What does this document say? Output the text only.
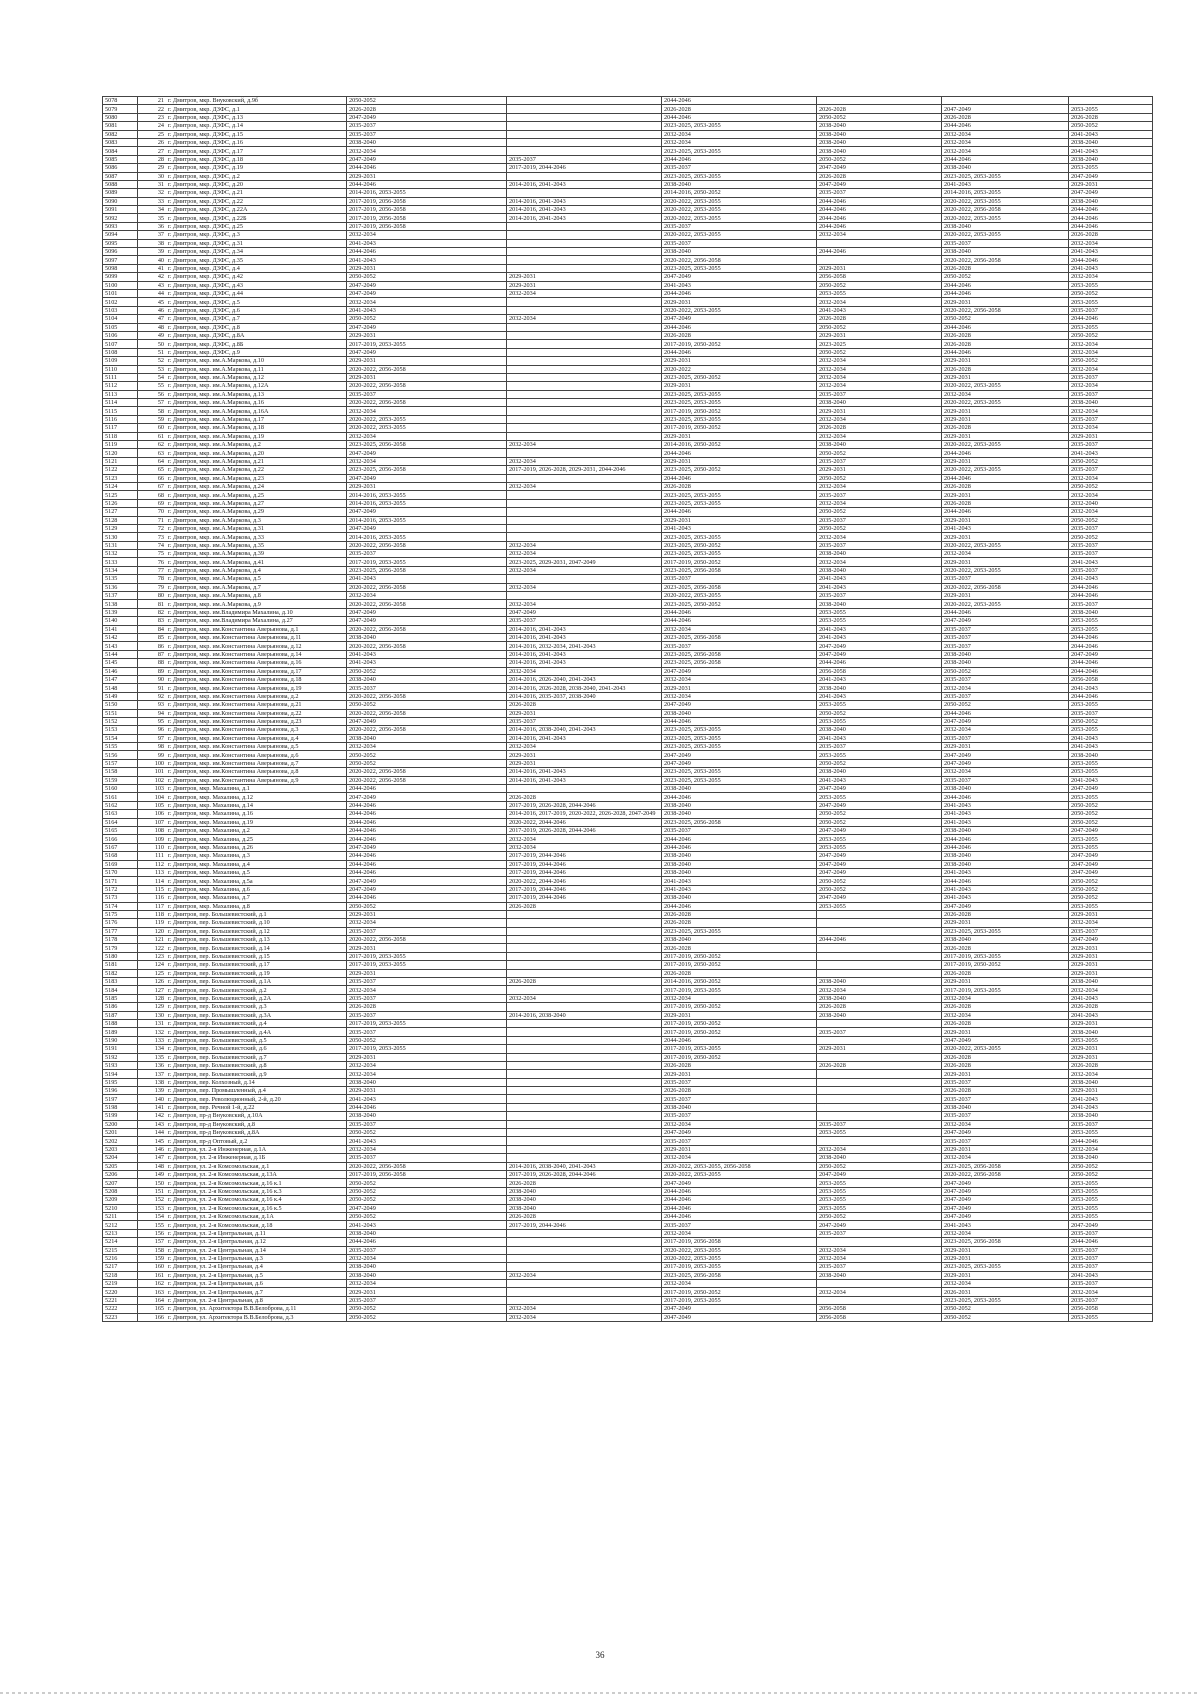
5078	21	г. Дмитров, мкр. Внуковский, д.9б	2050-2052		2044-2046			
5079	22	г. Дмитров, мкр. ДЗФС, д.1	2026-2028		2026-2028	2026-2028	2047-2049	2053-2055
5080	23	г. Дмитров, мкр. ДЗФС, д.13	2047-2049		2044-2046	2050-2052	2026-2028	2026-2028
5081	24	г. Дмитров, мкр. ДЗФС, д.14	2035-2037		2023-2025, 2053-2055	2038-2040	2044-2046	2050-2052
5082	25	г. Дмитров, мкр. ДЗФС, д.15	2035-2037		2032-2034	2038-2040	2032-2034	2041-2043
5083	26	г. Дмитров, мкр. ДЗФС, д.16	2038-2040		2032-2034	2038-2040	2032-2034	2038-2040
5084	27	г. Дмитров, мкр. ДЗФС, д.17	2032-2034		2023-2025, 2053-2055	2038-2040	2032-2034	2041-2043
5085	28	г. Дмитров, мкр. ДЗФС, д.18	2047-2049	2035-2037	2044-2046	2050-2052	2044-2046	2038-2040
5086	29	г. Дмитров, мкр. ДЗФС, д.19	2044-2046	2017-2019, 2044-2046	2035-2037	2047-2049	2038-2040	2053-2055
5087	30	г. Дмитров, мкр. ДЗФС, д.2	2029-2031		2023-2025, 2053-2055	2026-2028	2023-2025, 2053-2055	2047-2049
5088	31	г. Дмитров, мкр. ДЗФС, д.20	2044-2046	2014-2016, 2041-2043	2038-2040	2047-2049	2041-2043	2029-2031
5089	32	г. Дмитров, мкр. ДЗФС, д.21	2014-2016, 2053-2055		2014-2016, 2050-2052	2035-2037	2014-2016, 2053-2055	2047-2049
5090	33	г. Дмитров, мкр. ДЗФС, д.22	2017-2019, 2056-2058	2014-2016, 2041-2043	2020-2022, 2053-2055	2044-2046	2020-2022, 2053-2055	2038-2040
5091	34	г. Дмитров, мкр. ДЗФС, д.22А	2017-2019, 2056-2058	2014-2016, 2041-2043	2020-2022, 2053-2055	2044-2046	2020-2022, 2056-2058	2044-2046
5092	35	г. Дмитров, мкр. ДЗФС, д.22Б	2017-2019, 2056-2058	2014-2016, 2041-2043	2020-2022, 2053-2055	2044-2046	2020-2022, 2053-2055	2044-2046
5093	36	г. Дмитров, мкр. ДЗФС, д.25	2017-2019, 2056-2058		2035-2037	2044-2046	2038-2040	2044-2046
5094	37	г. Дмитров, мкр. ДЗФС, д.3	2032-2034		2020-2022, 2053-2055	2032-2034	2020-2022, 2053-2055	2026-2028
5095	38	г. Дмитров, мкр. ДЗФС, д.31	2041-2043		2035-2037		2035-2037	2032-2034
5096	39	г. Дмитров, мкр. ДЗФС, д.34	2044-2046		2038-2040	2044-2046	2038-2040	2041-2043
5097	40	г. Дмитров, мкр. ДЗФС, д.35	2041-2043		2020-2022, 2056-2058		2020-2022, 2056-2058	2044-2046
5098	41	г. Дмитров, мкр. ДЗФС, д.4	2029-2031		2023-2025, 2053-2055	2029-2031	2026-2028	2041-2043
5099	42	г. Дмитров, мкр. ДЗФС, д.42	2050-2052	2029-2031	2047-2049	2056-2058	2050-2052	2032-2034
5100	43	г. Дмитров, мкр. ДЗФС, д.43	2047-2049	2029-2031	2041-2043	2050-2052	2044-2046	2053-2055
5101	44	г. Дмитров, мкр. ДЗФС, д.44	2047-2049	2032-2034	2044-2046	2053-2055	2044-2046	2050-2052
5102	45	г. Дмитров, мкр. ДЗФС, д.5	2032-2034		2029-2031	2032-2034	2029-2031	2053-2055
5103	46	г. Дмитров, мкр. ДЗФС, д.6	2041-2043		2020-2022, 2053-2055	2041-2043	2020-2022, 2056-2058	2035-2037
5104	47	г. Дмитров, мкр. ДЗФС, д.7	2050-2052	2032-2034	2047-2049	2026-2028	2050-2052	2044-2046
5105	48	г. Дмитров, мкр. ДЗФС, д.8	2047-2049		2044-2046	2050-2052	2044-2046	2053-2055
5106	49	г. Дмитров, мкр. ДЗФС, д.8А	2029-2031		2026-2028	2029-2031	2026-2028	2050-2052
5107	50	г. Дмитров, мкр. ДЗФС, д.8Б	2017-2019, 2053-2055		2017-2019, 2050-2052	2023-2025	2026-2028	2032-2034
5108	51	г. Дмитров, мкр. ДЗФС, д.9	2047-2049		2044-2046	2050-2052	2044-2046	2032-2034
5109	52	г. Дмитров, мкр. им.А.Маркова, д.10	2029-2031		2029-2031	2032-2034	2029-2031	2050-2052
5110	53	г. Дмитров, мкр. им.А.Маркова, д.11	2020-2022, 2056-2058		2020-2022	2032-2034	2026-2028	2032-2034
5111	54	г. Дмитров, мкр. им.А.Маркова, д.12	2029-2031		2023-2025, 2050-2052	2032-2034	2029-2031	2035-2037
5112	55	г. Дмитров, мкр. им.А.Маркова, д.12А	2020-2022, 2056-2058		2029-2031	2032-2034	2020-2022, 2053-2055	2032-2034
5113	56	г. Дмитров, мкр. им.А.Маркова, д.13	2035-2037		2023-2025, 2053-2055	2035-2037	2032-2034	2035-2037
5114	57	г. Дмитров, мкр. им.А.Маркова, д.16	2020-2022, 2056-2058		2023-2025, 2053-2055	2038-2040	2020-2022, 2053-2055	2038-2040
5115	58	г. Дмитров, мкр. им.А.Маркова, д.16А	2032-2034		2017-2019, 2050-2052	2029-2031	2029-2031	2032-2034
5116	59	г. Дмитров, мкр. им.А.Маркова, д.17	2020-2022, 2053-2055		2023-2025, 2053-2055	2032-2034	2029-2031	2035-2037
5117	60	г. Дмитров, мкр. им.А.Маркова, д.18	2020-2022, 2053-2055		2017-2019, 2050-2052	2026-2028	2026-2028	2032-2034
5118	61	г. Дмитров, мкр. им.А.Маркова, д.19	2032-2034		2029-2031	2032-2034	2029-2031	2029-2031
5119	62	г. Дмитров, мкр. им.А.Маркова, д.2	2023-2025, 2056-2058	2032-2034	2014-2016, 2050-2052	2038-2040	2020-2022, 2053-2055	2035-2037
5120	63	г. Дмитров, мкр. им.А.Маркова, д.20	2047-2049		2044-2046	2050-2052	2044-2046	2041-2043
5121	64	г. Дмитров, мкр. им.А.Маркова, д.21	2032-2034	2032-2034	2029-2031	2035-2037	2029-2031	2050-2052
5122	65	г. Дмитров, мкр. им.А.Маркова, д.22	2023-2025, 2056-2058	2017-2019, 2026-2028, 2029-2031, 2044-2046	2023-2025, 2050-2052	2029-2031	2020-2022, 2053-2055	2035-2037
5123	66	г. Дмитров, мкр. им.А.Маркова, д.23	2047-2049		2044-2046	2050-2052	2044-2046	2032-2034
5124	67	г. Дмитров, мкр. им.А.Маркова, д.24	2029-2031	2032-2034	2026-2028	2032-2034	2026-2028	2050-2052
5125	68	г. Дмитров, мкр. им.А.Маркова, д.25	2014-2016, 2053-2055		2023-2025, 2053-2055	2035-2037	2029-2031	2032-2034
5126	69	г. Дмитров, мкр. им.А.Маркова, д.27	2014-2016, 2053-2055		2023-2025, 2053-2055	2032-2034	2026-2028	2032-2040
5127	70	г. Дмитров, мкр. им.А.Маркова, д.29	2047-2049		2044-2046	2050-2052	2044-2046	2032-2034
5128	71	г. Дмитров, мкр. им.А.Маркова, д.3	2014-2016, 2053-2055		2029-2031	2035-2037	2029-2031	2050-2052
5129	72	г. Дмитров, мкр. им.А.Маркова, д.31	2047-2049		2041-2043	2050-2052	2041-2043	2035-2037
5130	73	г. Дмитров, мкр. им.А.Маркова, д.33	2014-2016, 2053-2055		2023-2025, 2053-2055	2032-2034	2029-2031	2050-2052
5131	74	г. Дмитров, мкр. им.А.Маркова, д.35	2020-2022, 2056-2058	2032-2034	2023-2025, 2050-2052	2035-2037	2020-2022, 2053-2055	2035-2037
5132	75	г. Дмитров, мкр. им.А.Маркова, д.39	2035-2037	2032-2034	2023-2025, 2053-2055	2038-2040	2032-2034	2035-2037
5133	76	г. Дмитров, мкр. им.А.Маркова, д.41	2017-2019, 2053-2055	2023-2025, 2029-2031, 2047-2049	2017-2019, 2050-2052	2032-2034	2029-2031	2041-2043
5134	77	г. Дмитров, мкр. им.А.Маркова, д.4	2023-2025, 2056-2058	2032-2034	2023-2025, 2056-2058	2038-2040	2020-2022, 2053-2055	2035-2037
5135	78	г. Дмитров, мкр. им.А.Маркова, д.5	2041-2043		2035-2037	2041-2043	2035-2037	2041-2043
5136	79	г. Дмитров, мкр. им.А.Маркова, д.7	2020-2022, 2056-2058	2032-2034	2023-2025, 2056-2058	2041-2043	2020-2022, 2056-2058	2044-2046
5137	80	г. Дмитров, мкр. им.А.Маркова, д.8	2032-2034		2020-2022, 2053-2055	2035-2037	2029-2031	2044-2046
5138	81	г. Дмитров, мкр. им.А.Маркова, д.9	2020-2022, 2056-2058	2032-2034	2023-2025, 2050-2052	2038-2040	2020-2022, 2053-2055	2035-2037
5139	82	г. Дмитров, мкр. им.Владимира Махалина, д.10	2047-2049	2047-2049	2044-2046	2053-2055	2044-2046	2038-2040
5140	83	г. Дмитров, мкр. им.Владимира Махалина, д.27	2047-2049	2035-2037	2044-2046	2053-2055	2047-2049	2053-2055
5141	84	г. Дмитров, мкр. им.Константина Аверьянова, д.1	2020-2022, 2056-2058	2014-2016, 2041-2043	2032-2034	2041-2043	2035-2037	2053-2055
5142	85	г. Дмитров, мкр. им.Константина Аверьянова, д.11	2038-2040	2014-2016, 2041-2043	2023-2025, 2056-2058	2041-2043	2035-2037	2044-2046
5143	86	г. Дмитров, мкр. им.Константина Аверьянова, д.12	2020-2022, 2056-2058	2014-2016, 2032-2034, 2041-2043	2035-2037	2047-2049	2035-2037	2044-2046
5144	87	г. Дмитров, мкр. им.Константина Аверьянова, д.14	2041-2043	2014-2016, 2041-2043	2023-2025, 2056-2058	2047-2049	2038-2040	2047-2049
5145	88	г. Дмитров, мкр. им.Константина Аверьянова, д.16	2041-2043	2014-2016, 2041-2043	2023-2025, 2056-2058	2044-2046	2038-2040	2044-2046
5146	89	г. Дмитров, мкр. им.Константина Аверьянова, д.17	2050-2052	2032-2034	2047-2049	2056-2058	2050-2052	2044-2046
5147	90	г. Дмитров, мкр. им.Константина Аверьянова, д.18	2038-2040	2014-2016, 2026-2040, 2041-2043	2032-2034	2041-2043	2035-2037	2056-2058
5148	91	г. Дмитров, мкр. им.Константина Аверьянова, д.19	2035-2037	2014-2016, 2026-2028, 2038-2040, 2041-2043	2029-2031	2038-2040	2032-2034	2041-2043
5149	92	г. Дмитров, мкр. им.Константина Аверьянова, д.2	2020-2022, 2056-2058	2014-2016, 2035-2037, 2038-2040	2032-2034	2041-2043	2035-2037	2044-2046
5150	93	г. Дмитров, мкр. им.Константина Аверьянова, д.21	2050-2052	2026-2028	2047-2049	2053-2055	2050-2052	2053-2055
5151	94	г. Дмитров, мкр. им.Константина Аверьянова, д.22	2020-2022, 2056-2058	2029-2031	2038-2040	2050-2052	2044-2046	2035-2037
5152	95	г. Дмитров, мкр. им.Константина Аверьянова, д.23	2047-2049	2035-2037	2044-2046	2053-2055	2047-2049	2050-2052
5153	96	г. Дмитров, мкр. им.Константина Аверьянова, д.3	2020-2022, 2056-2058	2014-2016, 2038-2040, 2041-2043	2023-2025, 2053-2055	2038-2040	2032-2034	2053-2055
5154	97	г. Дмитров, мкр. им.Константина Аверьянова, д.4	2038-2040	2014-2016, 2041-2043	2023-2025, 2053-2055	2041-2043	2035-2037	2041-2043
5155	98	г. Дмитров, мкр. им.Константина Аверьянова, д.5	2032-2034	2032-2034	2023-2025, 2053-2055	2035-2037	2029-2031	2041-2043
5156	99	г. Дмитров, мкр. им.Константина Аверьянова, д.6	2050-2052	2029-2031	2047-2049	2053-2055	2047-2049	2038-2040
5157	100	г. Дмитров, мкр. им.Константина Аверьянова, д.7	2050-2052	2029-2031	2047-2049	2050-2052	2047-2049	2053-2055
5158	101	г. Дмитров, мкр. им.Константина Аверьянова, д.8	2020-2022, 2056-2058	2014-2016, 2041-2043	2023-2025, 2053-2055	2038-2040	2032-2034	2053-2055
5159	102	г. Дмитров, мкр. им.Константина Аверьянова, д.9	2020-2022, 2056-2058	2014-2016, 2041-2043	2023-2025, 2053-2055	2041-2043	2035-2037	2041-2043
5160	103	г. Дмитров, мкр. Махалина, д.1	2044-2046		2038-2040	2047-2049	2038-2040	2047-2049
5161	104	г. Дмитров, мкр. Махалина, д.12	2047-2049	2026-2028	2044-2046	2053-2055	2044-2046	2053-2055
5162	105	г. Дмитров, мкр. Махалина, д.14	2044-2046	2017-2019, 2026-2028, 2044-2046	2038-2040	2047-2049	2041-2043	2050-2052
5163	106	г. Дмитров, мкр. Махалина, д.16	2044-2046	2014-2016, 2017-2019, 2020-2022, 2026-2028, 2047-2049	2038-2040	2050-2052	2041-2043	2050-2052
5164	107	г. Дмитров, мкр. Махалина, д.19	2044-2046	2020-2022, 2044-2046	2023-2025, 2056-2058	2050-2052	2041-2043	2050-2052
5165	108	г. Дмитров, мкр. Махалина, д.2	2044-2046	2017-2019, 2026-2028, 2044-2046	2035-2037	2047-2049	2038-2040	2047-2049
5166	109	г. Дмитров, мкр. Махалина, д.25	2044-2046	2032-2034	2044-2046	2053-2055	2044-2046	2053-2055
5167	110	г. Дмитров, мкр. Махалина, д.26	2047-2049	2032-2034	2044-2046	2053-2055	2044-2046	2053-2055
5168	111	г. Дмитров, мкр. Махалина, д.3	2044-2046	2017-2019, 2044-2046	2038-2040	2047-2049	2038-2040	2047-2049
5169	112	г. Дмитров, мкр. Махалина, д.4	2044-2046	2017-2019, 2044-2046	2038-2040	2047-2049	2038-2040	2047-2049
5170	113	г. Дмитров, мкр. Махалина, д.5	2044-2046	2017-2019, 2044-2046	2038-2040	2047-2049	2041-2043	2047-2049
5171	114	г. Дмитров, мкр. Махалина, д.5а	2047-2049	2020-2022, 2044-2046	2041-2043	2050-2052	2044-2046	2050-2052
5172	115	г. Дмитров, мкр. Махалина, д.6	2047-2049	2017-2019, 2044-2046	2041-2043	2050-2052	2041-2043	2050-2052
5173	116	г. Дмитров, мкр. Махалина, д.7	2044-2046	2017-2019, 2044-2046	2038-2040	2047-2049	2041-2043	2050-2052
5174	117	г. Дмитров, мкр. Махалина, д.8	2050-2052	2026-2028	2044-2046	2053-2055	2047-2049	2053-2055
5175	118	г. Дмитров, пер. Большевистский, д.1	2029-2031		2026-2028		2026-2028	2029-2031
5176	119	г. Дмитров, пер. Большевистский, д.10	2032-2034		2026-2028		2029-2031	2032-2034
5177	120	г. Дмитров, пер. Большевистский, д.12	2035-2037		2023-2025, 2053-2055		2023-2025, 2053-2055	2035-2037
5178	121	г. Дмитров, пер. Большевистский, д.13	2020-2022, 2056-2058		2038-2040	2044-2046	2038-2040	2047-2049
5179	122	г. Дмитров, пер. Большевистский, д.14	2029-2031		2026-2028		2026-2028	2029-2031
5180	123	г. Дмитров, пер. Большевистский, д.15	2017-2019, 2053-2055		2017-2019, 2050-2052		2017-2019, 2053-2055	2029-2031
5181	124	г. Дмитров, пер. Большевистский, д.17	2017-2019, 2053-2055		2017-2019, 2050-2052		2017-2019, 2050-2052	2029-2031
5182	125	г. Дмитров, пер. Большевистский, д.19	2029-2031		2026-2028		2026-2028	2029-2031
5183	126	г. Дмитров, пер. Большевистский, д.1А	2035-2037	2026-2028	2014-2016, 2050-2052	2038-2040	2029-2031	2038-2040
5184	127	г. Дмитров, пер. Большевистский, д.2	2032-2034		2017-2019, 2053-2055	2032-2034	2017-2019, 2053-2055	2032-2034
5185	128	г. Дмитров, пер. Большевистский, д.2А	2035-2037	2032-2034	2032-2034	2038-2040	2032-2034	2041-2043
5186	129	г. Дмитров, пер. Большевистский, д.3	2026-2028		2017-2019, 2050-2052	2026-2028	2026-2028	2026-2028
5187	130	г. Дмитров, пер. Большевистский, д.3А	2035-2037	2014-2016, 2038-2040	2029-2031	2038-2040	2032-2034	2041-2043
5188	131	г. Дмитров, пер. Большевистский, д.4	2017-2019, 2053-2055		2017-2019, 2050-2052		2026-2028	2029-2031
5189	132	г. Дмитров, пер. Большевистский, д.4А	2035-2037		2017-2019, 2050-2052	2035-2037	2029-2031	2038-2040
5190	133	г. Дмитров, пер. Большевистский, д.5	2050-2052		2044-2046		2047-2049	2053-2055
5191	134	г. Дмитров, пер. Большевистский, д.6	2017-2019, 2053-2055		2017-2019, 2053-2055	2029-2031	2020-2022, 2053-2055	2029-2031
5192	135	г. Дмитров, пер. Большевистский, д.7	2029-2031		2017-2019, 2050-2052		2026-2028	2029-2031
5193	136	г. Дмитров, пер. Большевистский, д.8	2032-2034		2026-2028	2026-2028	2026-2028	2026-2028
5194	137	г. Дмитров, пер. Большевистский, д.9	2032-2034		2029-2031		2029-2031	2032-2034
5195	138	г. Дмитров, пер. Колхозный, д.14	2038-2040		2035-2037		2035-2037	2038-2040
5196	139	г. Дмитров, пер. Промышленный, д.4	2029-2031		2026-2028		2026-2028	2029-2031
5197	140	г. Дмитров, пер. Революционный, 2-й, д.20	2041-2043		2035-2037		2035-2037	2041-2043
5198	141	г. Дмитров, пер. Речной 1-й, д.22	2044-2046		2038-2040		2038-2040	2041-2043
5199	142	г. Дмитров, пр-д Внуковский, д.10А	2038-2040		2035-2037		2035-2037	2038-2040
5200	143	г. Дмитров, пр-д Внуковский, д.8	2035-2037		2032-2034	2035-2037	2032-2034	2035-2037
5201	144	г. Дмитров, пр-д Внуковский, д.8А	2050-2052		2047-2049	2053-2055	2047-2049	2053-2055
5202	145	г. Дмитров, пр-д Оптовый, д.2	2041-2043		2035-2037		2035-2037	2044-2046
5203	146	г. Дмитров, ул. 2-я Инженерная, д.1А	2032-2034		2029-2031	2032-2034	2029-2031	2032-2034
5204	147	г. Дмитров, ул. 2-я Инженерная, д.1Б	2035-2037		2032-2034	2038-2040	2032-2034	2038-2040
5205	148	г. Дмитров, ул. 2-я Комсомольская, д.1	2020-2022, 2056-2058	2014-2016, 2038-2040, 2041-2043	2020-2022, 2053-2055, 2056-2058	2050-2052	2023-2025, 2056-2058	2050-2052
5206	149	г. Дмитров, ул. 2-я Комсомольская, д.13А	2017-2019, 2056-2058	2017-2019, 2026-2028, 2044-2046	2020-2022, 2053-2055	2047-2049	2020-2022, 2056-2058	2050-2052
5207	150	г. Дмитров, ул. 2-я Комсомольская, д.16 к.1	2050-2052	2026-2028	2047-2049	2053-2055	2047-2049	2053-2055
5208	151	г. Дмитров, ул. 2-я Комсомольская, д.16 к.3	2050-2052	2038-2040	2044-2046	2053-2055	2047-2049	2053-2055
5209	152	г. Дмитров, ул. 2-я Комсомольская, д.16 к.4	2050-2052	2038-2040	2044-2046	2053-2055	2047-2049	2053-2055
5210	153	г. Дмитров, ул. 2-я Комсомольская, д.16 к.5	2047-2049	2038-2040	2044-2046	2053-2055	2047-2049	2053-2055
5211	154	г. Дмитров, ул. 2-я Комсомольская, д.1А	2050-2052	2026-2028	2044-2046	2050-2052	2047-2049	2053-2055
5212	155	г. Дмитров, ул. 2-я Комсомольская, д.18	2041-2043	2017-2019, 2044-2046	2035-2037	2047-2049	2041-2043	2047-2049
5213	156	г. Дмитров, ул. 2-я Центральная, д.11	2038-2040		2032-2034	2035-2037	2032-2034	2035-2037
5214	157	г. Дмитров, ул. 2-я Центральная, д.12	2044-2046		2017-2019, 2056-2058		2023-2025, 2056-2058	2044-2046
5215	158	г. Дмитров, ул. 2-я Центральная, д.14	2035-2037		2020-2022, 2053-2055	2032-2034	2029-2031	2035-2037
5216	159	г. Дмитров, ул. 2-я Центральная, д.3	2032-2034		2020-2022, 2053-2055	2032-2034	2029-2031	2035-2037
5217	160	г. Дмитров, ул. 2-я Центральная, д.4	2038-2040		2017-2019, 2053-2055	2035-2037	2023-2025, 2053-2055	2035-2037
5218	161	г. Дмитров, ул. 2-я Центральная, д.5	2038-2040	2032-2034	2023-2025, 2056-2058	2038-2040	2029-2031	2041-2043
5219	162	г. Дмитров, ул. 2-я Центральная, д.6	2032-2034		2032-2034		2032-2034	2035-2037
5220	163	г. Дмитров, ул. 2-я Центральная, д.7	2029-2031		2017-2019, 2050-2052	2032-2034	2026-2031	2032-2034
5221	164	г. Дмитров, ул. 2-я Центральная, д.8	2035-2037		2017-2019, 2053-2055		2023-2025, 2053-2055	2035-2037
5222	165	г. Дмитров, ул. Архитектора В.В.Белоброва, д.11	2050-2052	2032-2034	2047-2049	2056-2058	2050-2052	2056-2058
5223	166	г. Дмитров, ул. Архитектора В.В.Белоброва, д.3	2050-2052	2032-2034	2047-2049	2056-2058	2050-2052	2053-2055
36
